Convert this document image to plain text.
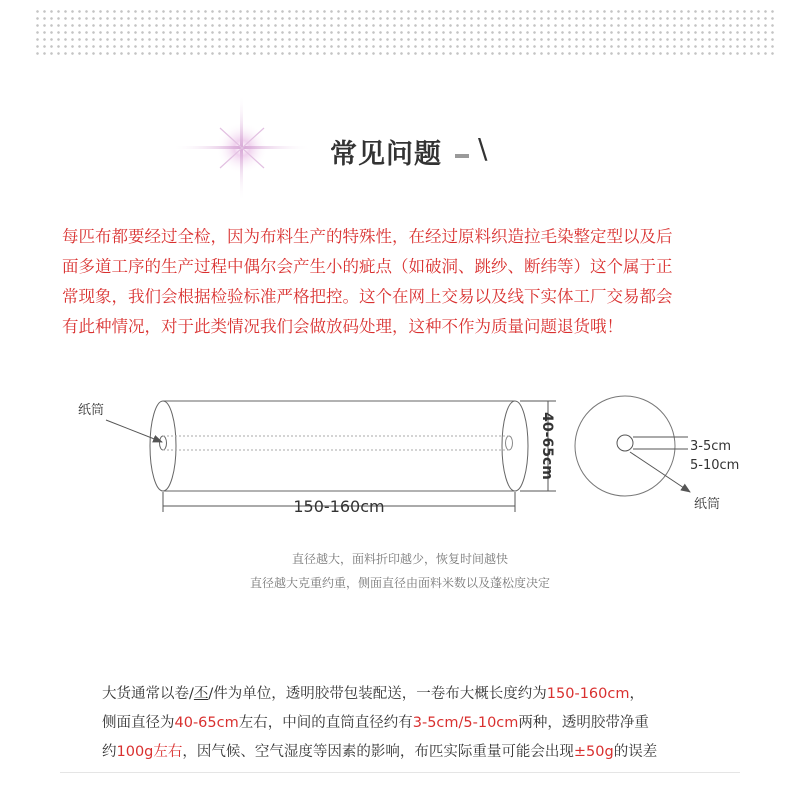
常见问题 \

每匹布都要经过全检，因为布料生产的特殊性，在经过原料织造拉毛染整定型以及后

面多道工序的生产过程中偶尔会产生小的疵点（如破洞、跳纱、断纬等）这个属于正

常现象，我们会根据检验标准严格把控。这个在网上交易以及线下实体工厂交易都会

有此种情况，对于此类情况我们会做放码处理，这种不作为质量问题退货哦！

纸筒
150-160cm
40-65cm	3-5cm
5-10cm
纸筒
直径越大，面料折印越少，恢复时间越快
直径越大克重约重，侧面直径由面料米数以及蓬松度决定

大货通常以卷/丕/件为单位，透明胶带包装配送，一卷布大概长度约为150-160cm，

侧面直径为40-65cm左右，中间的直筒直径约有3-5cm/5-10cm两种，透明胶带净重

约100g左右，因气候、空气湿度等因素的影响，布匹实际重量可能会出现±50g的误差
